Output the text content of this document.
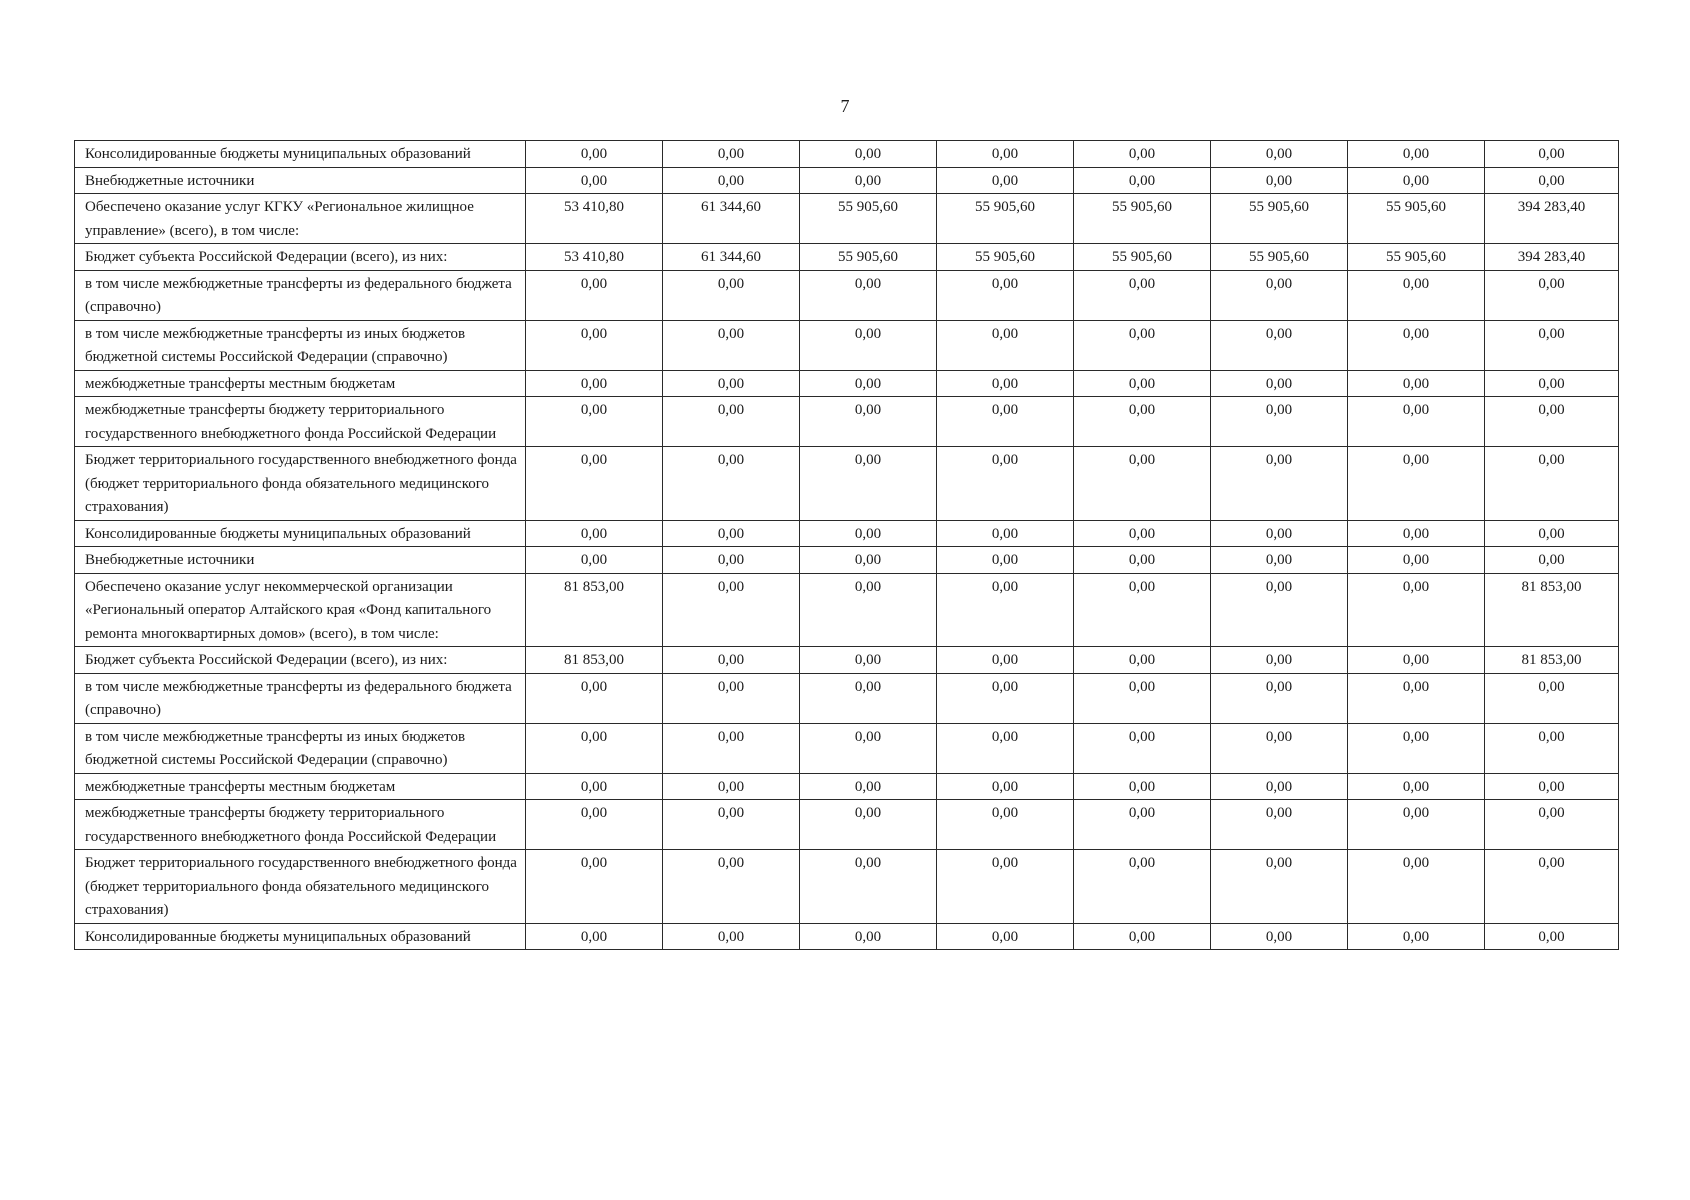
7
Консолидированные бюджеты муниципальных образований	0,00	0,00	0,00	0,00	0,00	0,00	0,00	0,00
Внебюджетные источники	0,00	0,00	0,00	0,00	0,00	0,00	0,00	0,00
Обеспечено оказание услуг КГКУ «Региональное жилищное управление» (всего), в том числе:	53 410,80	61 344,60	55 905,60	55 905,60	55 905,60	55 905,60	55 905,60	394 283,40
Бюджет субъекта Российской Федерации (всего), из них:	53 410,80	61 344,60	55 905,60	55 905,60	55 905,60	55 905,60	55 905,60	394 283,40
в том числе межбюджетные трансферты из федерального бюджета (справочно)	0,00	0,00	0,00	0,00	0,00	0,00	0,00	0,00
в том числе межбюджетные трансферты из иных бюджетов бюджетной системы Российской Федерации (справочно)	0,00	0,00	0,00	0,00	0,00	0,00	0,00	0,00
межбюджетные трансферты местным бюджетам	0,00	0,00	0,00	0,00	0,00	0,00	0,00	0,00
межбюджетные трансферты бюджету территориального государственного внебюджетного фонда Российской Федерации	0,00	0,00	0,00	0,00	0,00	0,00	0,00	0,00
Бюджет территориального государственного внебюджетного фонда (бюджет территориального фонда обязательного медицинского страхования)	0,00	0,00	0,00	0,00	0,00	0,00	0,00	0,00
Консолидированные бюджеты муниципальных образований	0,00	0,00	0,00	0,00	0,00	0,00	0,00	0,00
Внебюджетные источники	0,00	0,00	0,00	0,00	0,00	0,00	0,00	0,00
Обеспечено оказание услуг некоммерческой организации «Региональный оператор Алтайского края «Фонд капитального ремонта многоквартирных домов» (всего), в том числе:	81 853,00	0,00	0,00	0,00	0,00	0,00	0,00	81 853,00
Бюджет субъекта Российской Федерации (всего), из них:	81 853,00	0,00	0,00	0,00	0,00	0,00	0,00	81 853,00
в том числе межбюджетные трансферты из федерального бюджета (справочно)	0,00	0,00	0,00	0,00	0,00	0,00	0,00	0,00
в том числе межбюджетные трансферты из иных бюджетов бюджетной системы Российской Федерации (справочно)	0,00	0,00	0,00	0,00	0,00	0,00	0,00	0,00
межбюджетные трансферты местным бюджетам	0,00	0,00	0,00	0,00	0,00	0,00	0,00	0,00
межбюджетные трансферты бюджету территориального государственного внебюджетного фонда Российской Федерации	0,00	0,00	0,00	0,00	0,00	0,00	0,00	0,00
Бюджет территориального государственного внебюджетного фонда (бюджет территориального фонда обязательного медицинского страхования)	0,00	0,00	0,00	0,00	0,00	0,00	0,00	0,00
Консолидированные бюджеты муниципальных образований	0,00	0,00	0,00	0,00	0,00	0,00	0,00	0,00
